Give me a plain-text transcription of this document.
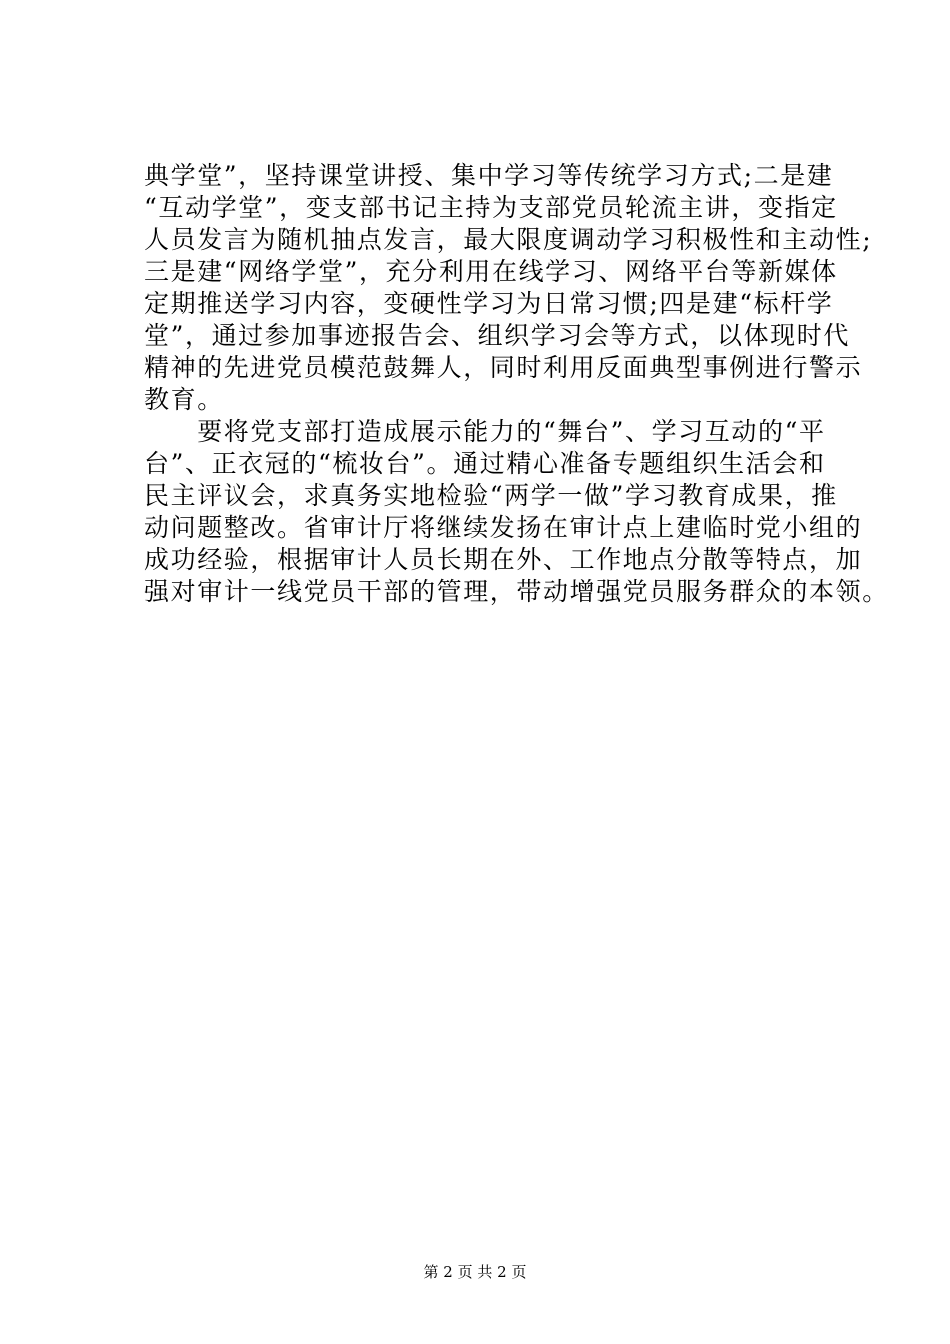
典学堂”，坚持课堂讲授、集中学习等传统学习方式;二是建
“互动学堂”，变支部书记主持为支部党员轮流主讲，变指定
人员发言为随机抽点发言，最大限度调动学习积极性和主动性;
三是建“网络学堂”，充分利用在线学习、网络平台等新媒体
定期推送学习内容，变硬性学习为日常习惯;四是建“标杆学
堂”，通过参加事迹报告会、组织学习会等方式，以体现时代
精神的先进党员模范鼓舞人，同时利用反面典型事例进行警示
教育。
　　要将党支部打造成展示能力的“舞台”、学习互动的“平
台”、正衣冠的“梳妆台”。通过精心准备专题组织生活会和
民主评议会，求真务实地检验“两学一做”学习教育成果，推
动问题整改。省审计厅将继续发扬在审计点上建临时党小组的
成功经验，根据审计人员长期在外、工作地点分散等特点，加
强对审计一线党员干部的管理，带动增强党员服务群众的本领。
第 2 页 共 2 页
